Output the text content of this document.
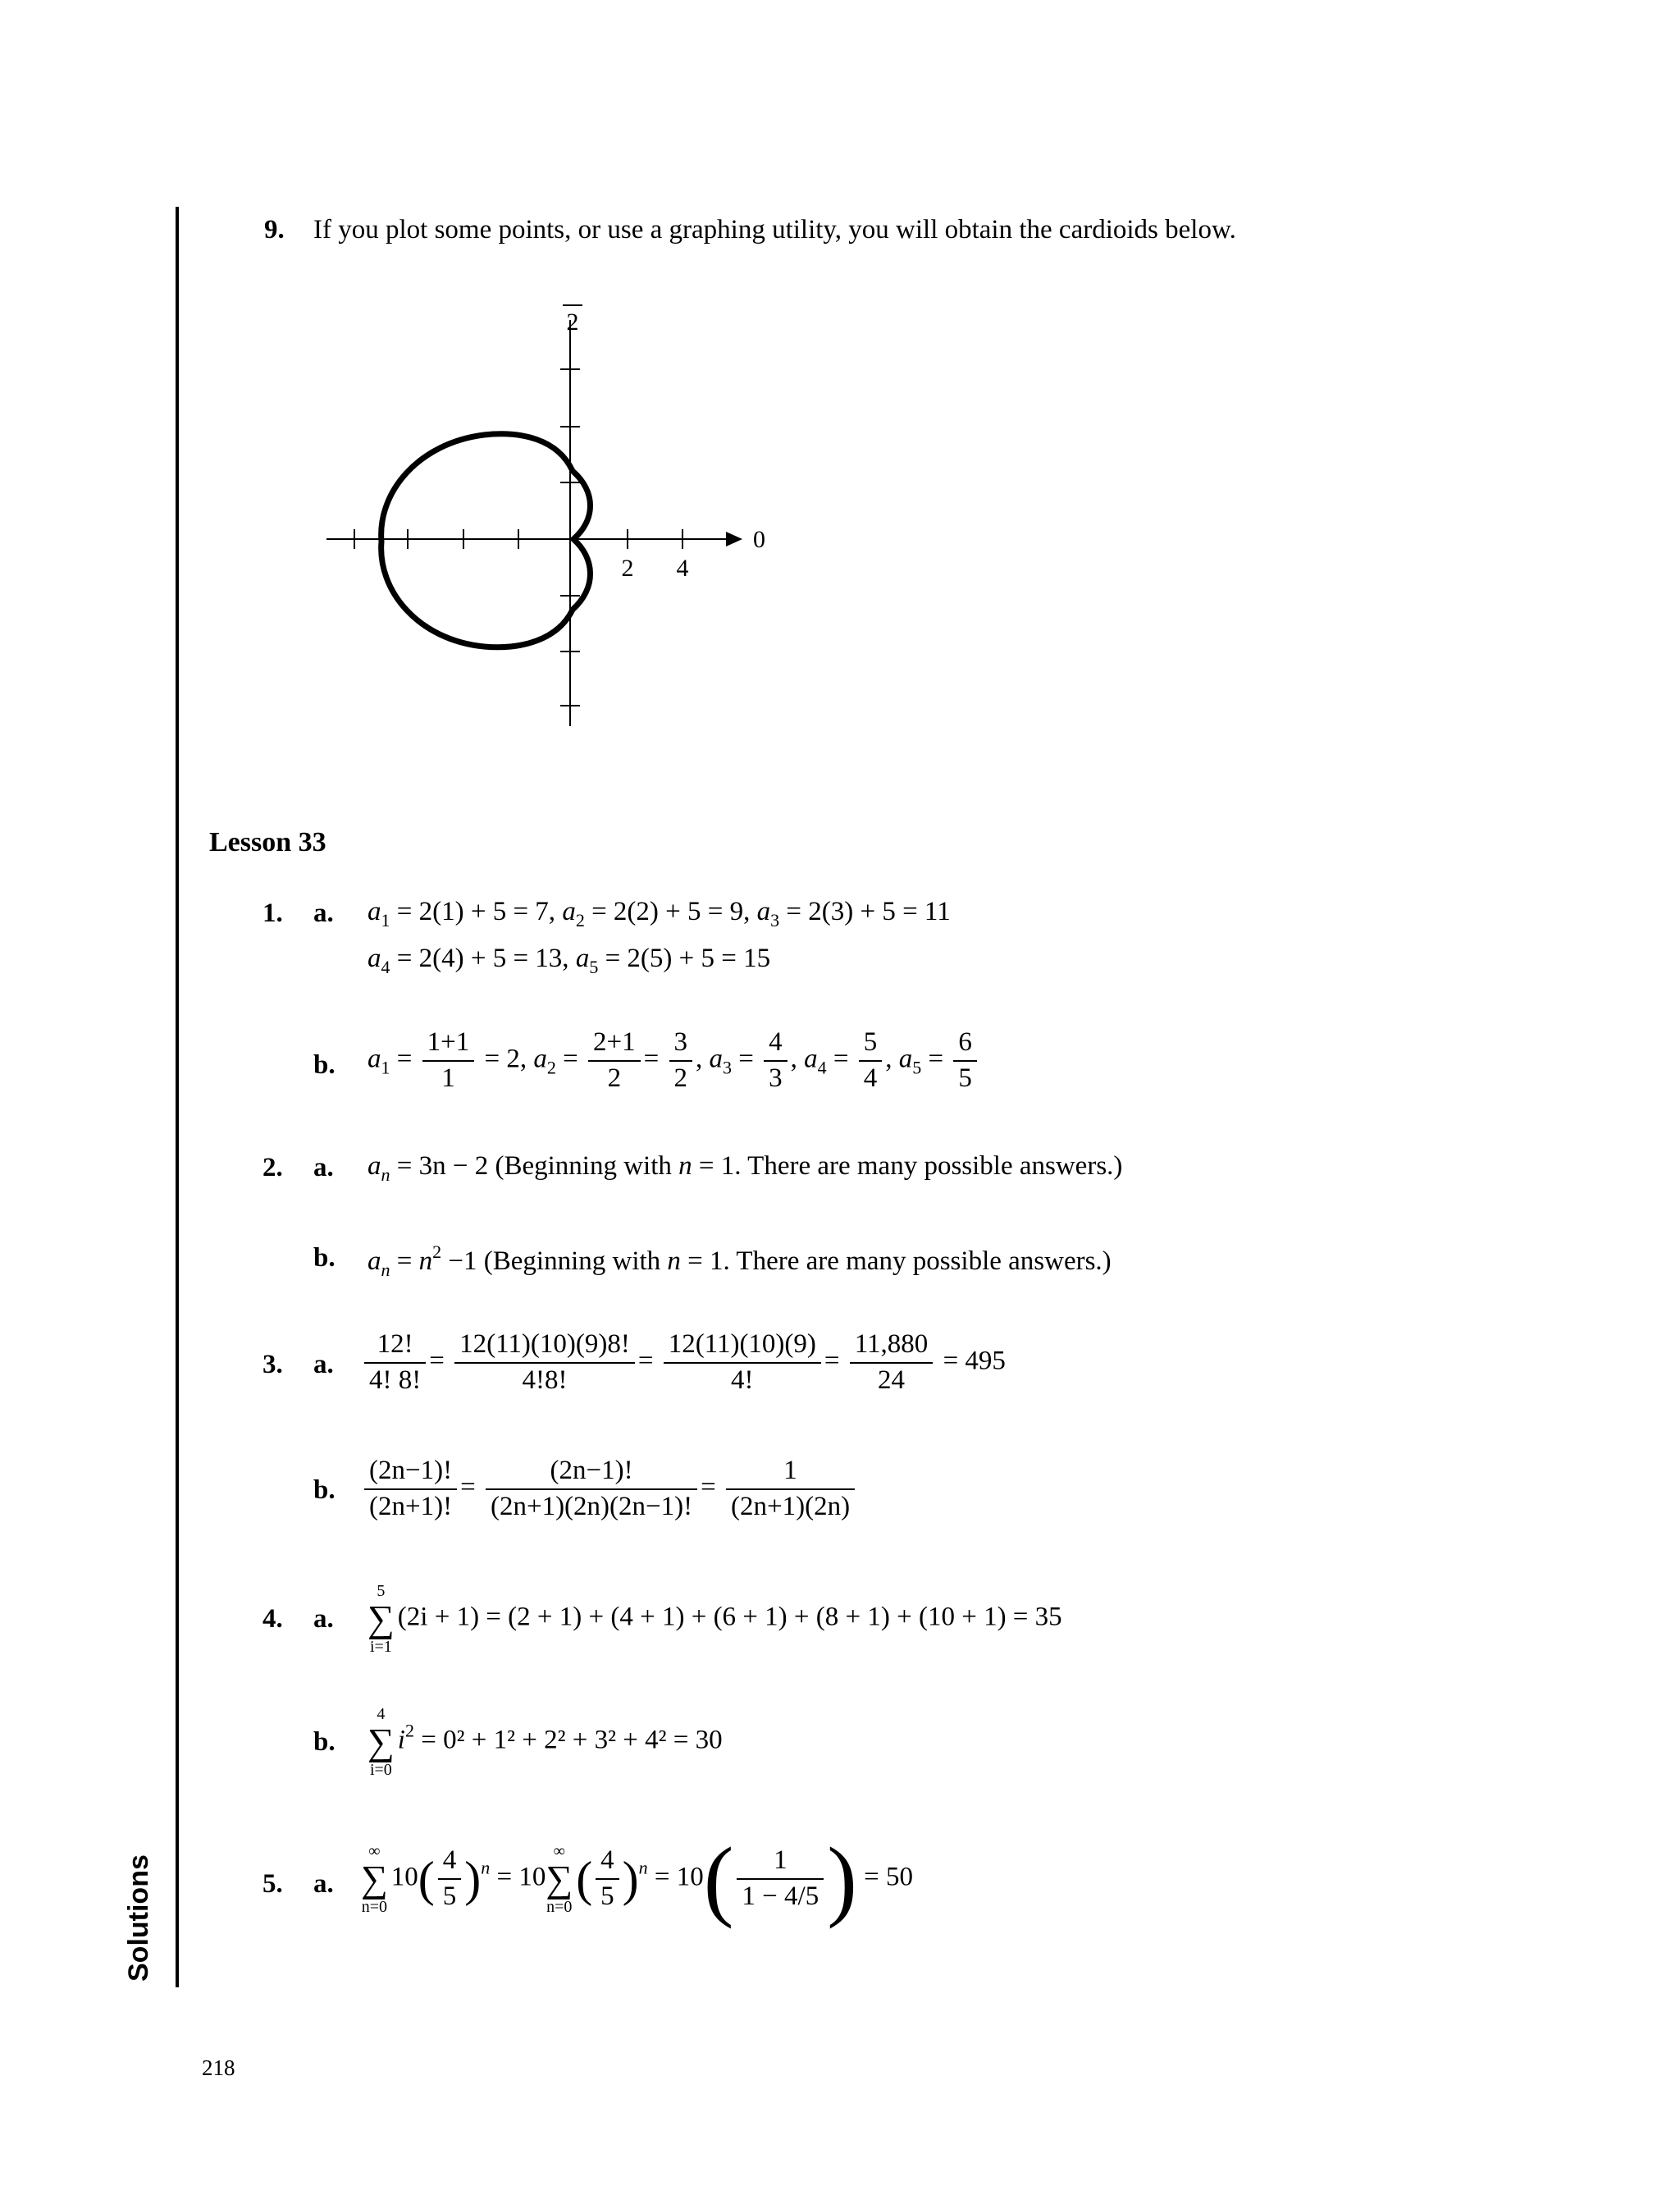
Solutions
218
9. If you plot some points, or use a graphing utility, you will obtain the cardioids below.
2
2 4
0
Lesson 33
1. a. $a_1 = 2(1) + 5 = 7$, $a_2 = 2(2) + 5 = 9$, $a_3 = 2(3) + 5 = 11$
$a_4 = 2(4) + 5 = 13$, $a_5 = 2(5) + 5 = 15$
b. $a_1 = \frac{1+1}{1} = 2$, $a_2 = \frac{2+1}{2} = \frac{3}{2}$ , $a_3 = \frac{4}{3}$ , $a_4 = \frac{5}{4}$ , $a_5 = \frac{6}{5}$
2. a. $a_n = 3n - 2$ (Beginning with n = 1. There are many possible answers.)
b. $a_n = n^2 -1$ (Beginning with n = 1. There are many possible answers.)
3. a. $\frac{12!}{4! 8!} = \frac{12(11)(10)(9)8!}{4!8!} = \frac{12(11)(10)(9)}{4!} = \frac{11,880}{24} = 495$
b. $\frac{(2n-1)!}{(2n+1)!} = \frac{(2n-1)!}{(2n+1)(2n)(2n-1)!} = \frac{1}{(2n+1)(2n)}$
4. a.
5
∑
i=1
(2i + 1) = (2 + 1) + (4 + 1) + (6 + 1) + (8 + 1) + (10 + 1) = 35
b.
4
∑
i=0
$i^2 = 0^2 + 1^2 + 2^2 + 3^2 + 4^2 = 30$
5. a.
∞
∑
n=0
$10( \frac{4}{5} )^n = 10$
∞
∑
n=0
( $\frac{4}{5} )^n = 10( \frac{1}{1 - 4/5}$ ) = 50
